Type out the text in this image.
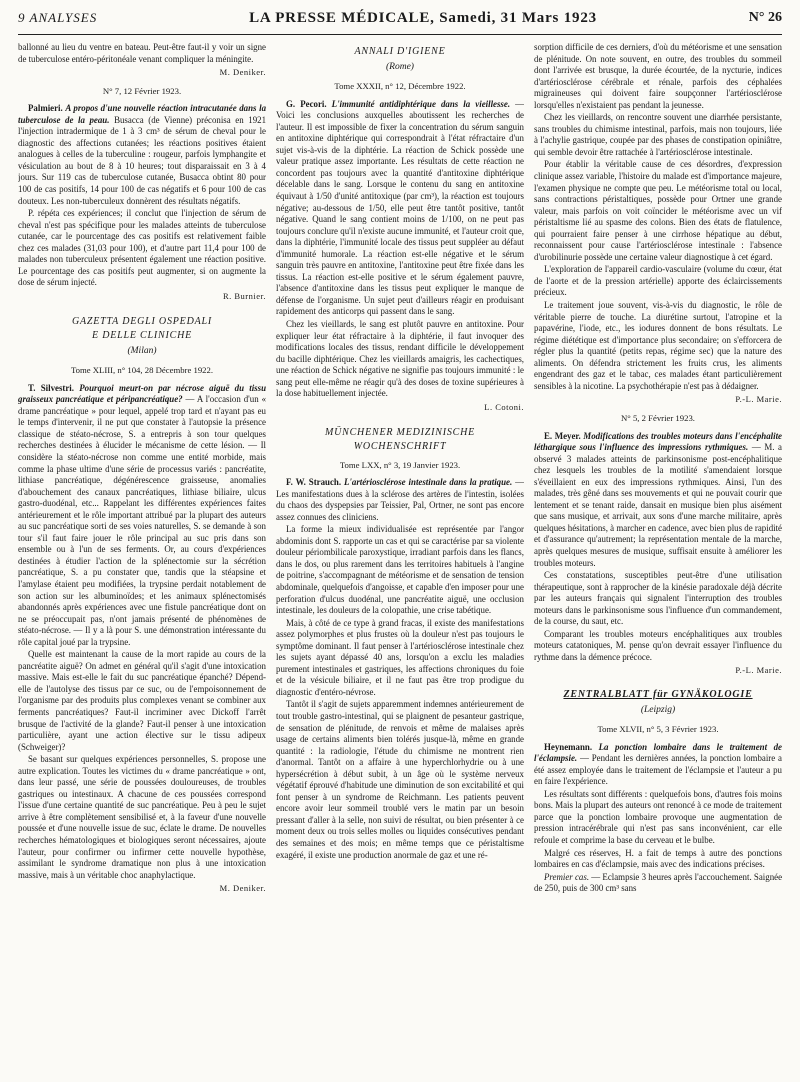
9 ANALYSES	LA PRESSE MÉDICALE, Samedi, 31 Mars 1923	N° 26

ballonné au lieu du ventre en bateau. Peut-être faut-il y voir un signe de tuberculose entéro-péritonéale venant compliquer la méningite.

M. Deniker.
N° 7, 12 Février 1923.

Palmieri. A propos d'une nouvelle réaction intracutanée dans la tuberculose de la peau. Busacca (de Vienne) préconisa en 1921 l'injection intradermique de 1 à 3 cm³ de sérum de cheval pour le diagnostic des affections cutanées; les réactions positives étaient analogues à celles de la tuberculine : rougeur, parfois lymphangite et vésiculation au bout de 8 à 10 heures; tout disparaissait en 3 à 4 jours. Sur 119 cas de tuberculose cutanée, Busacca obtint 80 pour 100 de cas positifs, 14 pour 100 de cas négatifs et 6 pour 100 de cas douteux. Les non-tuberculeux donnèrent des résultats négatifs.

P. répéta ces expériences; il conclut que l'injection de sérum de cheval n'est pas spécifique pour les malades atteints de tuberculose cutanée, car le pourcentage des cas positifs est relativement faible chez ces malades (31,03 pour 100), et d'autre part 11,4 pour 100 de malades non tuberculeux présentent également une réaction positive. Le pourcentage des cas positifs peut augmenter, si on augmente la dose de sérum injecté.

R. Burnier.
GAZETTA DEGLI OSPEDALI
E DELLE CLINICHE
(Milan)
Tome XLIII, n° 104, 28 Décembre 1922.

T. Silvestri. Pourquoi meurt-on par nécrose aiguë du tissu graisseux pancréatique et péripancréatique? — A l'occasion d'un « drame pancréatique » pour lequel, appelé trop tard et n'ayant pas eu le temps d'intervenir, il ne put que constater à l'autopsie la présence classique de stéato-nécrose, S. a entrepris à son tour quelques recherches destinées à élucider le mécanisme de cette lésion. — Il considère la stéato-nécrose non comme une entité morbide, mais comme la phase ultime d'une série de processus variés : pancréatite, lithiase pancréatique, dégénérescence graisseuse, anomalies d'abouchement des canaux pancréatiques, lithiase biliaire, ulcus gastro-duodénal, etc... Rappelant les différentes expériences faites antérieurement et le rôle important attribué par la plupart des auteurs au suc pancréatique sorti de ses voies naturelles, S. se demande à son tour s'il faut faire jouer le rôle principal au suc pris dans son ensemble ou à l'un de ses ferments. Or, au cours d'expériences destinées à étudier l'action de la splénectomie sur la sécrétion pancréatique, S. a pu constater que, tandis que la stéapsine et l'amylase étaient peu modifiées, la trypsine perdait notablement de son action sur les albuminoïdes; et les animaux splénectomisés abandonnés après expériences avec une fistule pancréatique dont on ne se préoccupait pas, n'ont jamais présenté de phénomènes de stéato-nécrose. — Il y a là pour S. une démonstration intéressante du rôle capital joué par la trypsine.

Quelle est maintenant la cause de la mort rapide au cours de la pancréatite aiguë? On admet en général qu'il s'agit d'une intoxication massive. Mais est-elle le fait du suc pancréatique épanché? Dépend-elle de l'autolyse des tissus par ce suc, ou de l'empoisonnement de l'organisme par des produits plus complexes venant se combiner aux ferments pancréatiques? Faut-il incriminer avec Dickoff l'arrêt brusque de l'activité de la glande? Faut-il penser à une intoxication particulière, ayant une action élective sur le tissu adipeux (Schweiger)?

Se basant sur quelques expériences personnelles, S. propose une autre explication. Toutes les victimes du « drame pancréatique » ont, dans leur passé, une série de poussées douloureuses, de troubles gastriques ou intestinaux. A chacune de ces poussées correspond l'issue d'une certaine quantité de suc pancréatique. Peu à peu le sujet arrive à être complètement sensibilisé et, à la faveur d'une nouvelle poussée et d'une nouvelle issue de suc, éclate le drame. De nouvelles recherches hématologiques et biologiques seront nécessaires, ajoute l'auteur, pour confirmer ou infirmer cette nouvelle hypothèse, assimilant le syndrome dramatique non plus à une intoxication massive, mais à un véritable choc anaphylactique.

M. Deniker.
ANNALI D'IGIENE
(Rome)
Tome XXXII, n° 12, Décembre 1922.

G. Pecori. L'immunité antidiphtérique dans la vieillesse. — Voici les conclusions auxquelles aboutissent les recherches de l'auteur. Il est impossible de fixer la concentration du sérum sanguin en antitoxine diphtérique qui correspondrait à l'état réfractaire d'un sujet vis-à-vis de la diphtérie. La réaction de Schick possède une valeur pratique assez importante. Les résultats de cette réaction ne concordent pas toujours avec la quantité d'antitoxine diphtérique décelable dans le sang. Lorsque le contenu du sang en antitoxine équivaut à 1/50 d'unité antitoxique (par cm³), la réaction est toujours négative; au-dessous de 1/50, elle peut être tantôt positive, tantôt négative. Quand le sang contient moins de 1/100, on ne peut pas toujours conclure qu'il n'existe aucune immunité, et l'auteur croit que, dans la diphtérie, l'immunité locale des tissus peut suppléer au défaut d'immunité humorale. La réaction est-elle négative et le sérum sanguin très pauvre en antitoxine, l'antitoxine peut être fixée dans les tissus. La réaction est-elle positive et le sérum également pauvre, l'absence d'antitoxine dans les tissus peut expliquer le manque de défense de l'organisme. Un sujet peut d'ailleurs réagir en produisant rapidement des anticorps qui passent dans le sang.

Chez les vieillards, le sang est plutôt pauvre en antitoxine. Pour expliquer leur état réfractaire à la diphtérie, il faut invoquer des modifications locales des tissus, rendant difficile le développement du bacille diphtérique. Chez les vieillards amaigris, les cachectiques, une réaction de Schick négative ne signifie pas toujours immunité : le sang peut elle-même ne réagir qu'à des doses de toxine supérieures à la dose habituellement injectée.

L. Cotoni.
MÜNCHENER MEDIZINISCHE
WOCHENSCHRIFT
Tome LXX, n° 3, 19 Janvier 1923.

F. W. Strauch. L'artériosclérose intestinale dans la pratique. — Les manifestations dues à la sclérose des artères de l'intestin, isolées du chaos des dyspepsies par Teissier, Pal, Ortner, ne sont pas encore assez connues des cliniciens.

La forme la mieux individualisée est représentée par l'angor abdominis dont S. rapporte un cas et qui se caractérise par sa violente douleur périombilicale paroxystique, irradiant parfois dans les flancs, dans le dos, ou plus rarement dans les territoires habituels à l'angine de poitrine, s'accompagnant de météorisme et de sensation de tension abdominale, quelquefois d'angoisse, et capable d'en imposer pour une perforation d'ulcus duodénal, une pancréatite aiguë, une occlusion intestinale, les douleurs de la colopathie, une crise tabétique.

Mais, à côté de ce type à grand fracas, il existe des manifestations assez polymorphes et plus frustes où la douleur n'est pas toujours le symptôme dominant. Il faut penser à l'artériosclérose intestinale chez les sujets ayant dépassé 40 ans, lorsqu'on a exclu les maladies purement intestinales et gastriques, les affections chroniques du foie et de la vésicule biliaire, et il ne faut pas être trop prodigue du diagnostic d'entéro-névrose.

Tantôt il s'agit de sujets apparemment indemnes antérieurement de tout trouble gastro-intestinal, qui se plaignent de pesanteur gastrique, de sensation de plénitude, de renvois et même de malaises après usage de certains aliments bien tolérés jusque-là, même en grande quantité : la radiologie, l'étude du chimisme ne montrent rien d'anormal. Tantôt on a affaire à une hyperchlorhydrie ou à une hypersécrétion à début subit, à un âge où le système nerveux végétatif éprouvé d'habitude une diminution de son excitabilité et qui font penser à un syndrome de Reichmann. Les patients peuvent encore avoir leur sommeil troublé vers le matin par un besoin pressant d'aller à la selle, non suivi de résultat, ou bien présenter à ce moment deux ou trois selles molles ou liquides consécutives pendant des semaines et des mois; en même temps que ce péristaltisme exagéré, il existe une production anormale de gaz et une ré-

sorption difficile de ces derniers, d'où du météorisme et une sensation de plénitude. On note souvent, en outre, des troubles du sommeil dont l'arrivée est brusque, la durée écourtée, de la nycturie, indices d'artériosclérose cérébrale et rénale, parfois des céphalées migraineuses qui doivent faire soupçonner l'artériosclérose lorsqu'elles n'existaient pas pendant la jeunesse.

Chez les vieillards, on rencontre souvent une diarrhée persistante, sans troubles du chimisme intestinal, parfois, mais non toujours, liée à l'achylie gastrique, coupée par des phases de constipation opiniâtre, qui semble devoir être rattachée à l'artériosclérose intestinale.

Pour établir la véritable cause de ces désordres, d'expression clinique assez variable, l'histoire du malade est d'importance majeure, l'examen physique ne compte que peu. Le météorisme total ou local, sans contractions péristaltiques, possède pour Ortner une grande valeur, mais parfois on voit coïncider le météorisme avec un vif péristaltisme lié au spasme des colons. Bien des états de flatulence, qui pourraient faire penser à une cirrhose hépatique au début, reconnaissent pour cause l'artériosclérose intestinale : l'absence d'urobilinurie possède une certaine valeur diagnostique à cet égard.

L'exploration de l'appareil cardio-vasculaire (volume du cœur, état de l'aorte et de la pression artérielle) apporte des éclaircissements précieux.

Le traitement joue souvent, vis-à-vis du diagnostic, le rôle de véritable pierre de touche. La diurétine surtout, l'atropine et la papavérine, l'iode, etc., les iodures donnent de bons résultats. Le régime diététique est d'importance plus secondaire; on s'efforcera de régler plus la quantité (petits repas, régime sec) que la nature des aliments. On défendra strictement les fruits crus, les aliments engendrant des gaz et le tabac, ces malades étant particulièrement sensibles à la nicotine. La psychothérapie n'est pas à dédaigner.

P.-L. Marie.
N° 5, 2 Février 1923.

E. Meyer. Modifications des troubles moteurs dans l'encéphalite léthargique sous l'influence des impressions rythmiques. — M. a observé 3 malades atteints de parkinsonisme post-encéphalitique chez lesquels les troubles de la motilité s'amendaient lorsque s'éveillaient en eux des impressions rythmiques. Ainsi, l'un des malades, très gêné dans ses mouvements et qui ne pouvait courir que lentement et se tenant raide, dansait en musique bien plus aisément que sans musique, et arrivait, aux sons d'une marche militaire, après quelques hésitations, à marcher en cadence, avec bien plus de rapidité et d'assurance qu'autrement; la représentation mentale de la marche, après quelques mesures de musique, suffisait ensuite à améliorer les troubles moteurs.

Ces constatations, susceptibles peut-être d'une utilisation thérapeutique, sont à rapprocher de la kinésie paradoxale déjà décrite par les auteurs français qui signalent l'interruption des troubles moteurs dans le parkinsonisme sous l'influence d'un commandement, de la course, du saut, etc.

Comparant les troubles moteurs encéphalitiques aux troubles moteurs catatoniques, M. pense qu'on devrait essayer l'influence du rythme dans la démence précoce.

P.-L. Marie.
ZENTRALBLATT für GYNÄKOLOGIE
(Leipzig)
Tome XLVII, n° 5, 3 Février 1923.

Heynemann. La ponction lombaire dans le traitement de l'éclampsie. — Pendant les dernières années, la ponction lombaire a été assez employée dans le traitement de l'éclampsie et l'auteur a pu en faire l'expérience.

Les résultats sont différents : quelquefois bons, d'autres fois moins bons. Mais la plupart des auteurs ont renoncé à ce mode de traitement parce que la ponction lombaire provoque une augmentation de pression intracérébrale qui n'est pas sans inconvénient, car elle refoule et comprime la base du cerveau et le bulbe.

Malgré ces réserves, H. a fait de temps à autre des ponctions lombaires en cas d'éclampsie, mais avec des indications précises.

Premier cas. — Eclampsie 3 heures après l'accouchement. Saignée de 250, puis de 300 cm³ sans
